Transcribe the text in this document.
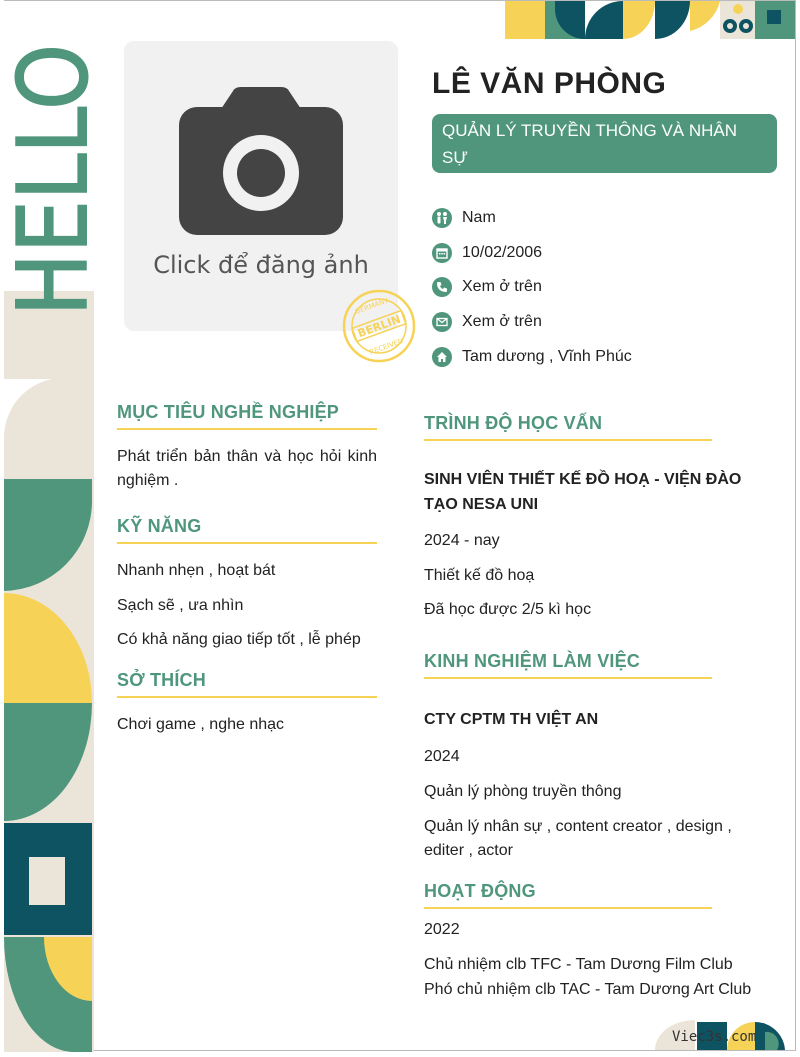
HELLO Click để đăng ảnh
GERMANY
BERLIN
RECEIVED
LÊ VĂN PHÒNG
QUẢN LÝ TRUYỀN THÔNG VÀ NHÂN SỰ
Nam
10/02/2006
Xem ở trên
Xem ở trên
Tam dương , Vĩnh Phúc
MỤC TIÊU NGHỀ NGHIỆP
Phát triển bản thân và học hỏi kinh nghiệm .
KỸ NĂNG
Nhanh nhẹn , hoạt bát
Sạch sẽ , ưa nhìn
Có khả năng giao tiếp tốt , lễ phép
SỞ THÍCH
Chơi game , nghe nhạc
TRÌNH ĐỘ HỌC VẤN
SINH VIÊN THIẾT KẾ ĐỒ HOẠ - VIỆN ĐÀO TẠO NESA UNI
2024 - nay
Thiết kế đồ hoạ
Đã học được 2/5 kì học
KINH NGHIỆM LÀM VIỆC
CTY CPTM TH VIỆT AN
2024
Quản lý phòng truyền thông
Quản lý nhân sự , content creator , design , editer , actor
HOẠT ĐỘNG
2022
Chủ nhiệm clb TFC - Tam Dương Film Club
Phó chủ nhiệm clb TAC - Tam Dương Art Club
Viec3s.com
